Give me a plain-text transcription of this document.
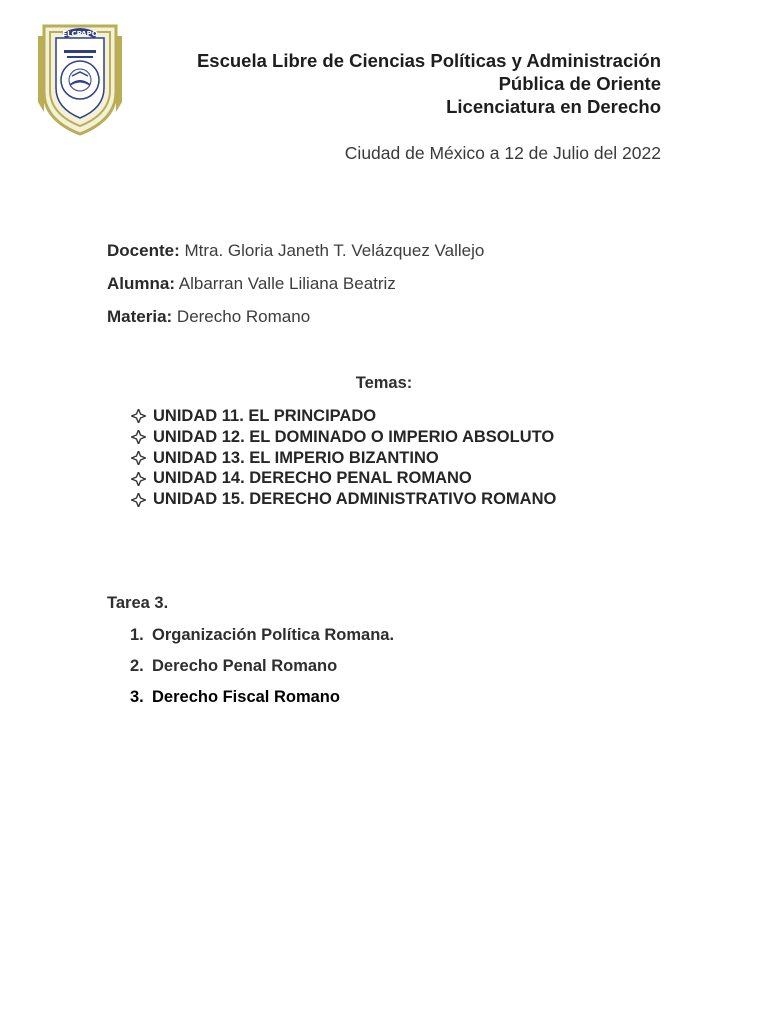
ELCPAPO
Escuela Libre de Ciencias Políticas y Administración
Pública de Oriente
Licenciatura en Derecho
Ciudad de México a 12 de Julio del 2022
Docente: Mtra. Gloria Janeth T. Velázquez Vallejo
Alumna: Albarran Valle Liliana Beatriz
Materia: Derecho Romano
Temas:
UNIDAD 11. EL PRINCIPADO
UNIDAD 12. EL DOMINADO O IMPERIO ABSOLUTO
UNIDAD 13. EL IMPERIO BIZANTINO
UNIDAD 14. DERECHO PENAL ROMANO
UNIDAD 15. DERECHO ADMINISTRATIVO ROMANO
Tarea 3.
1. Organización Política Romana.
2. Derecho Penal Romano
3. Derecho Fiscal Romano
